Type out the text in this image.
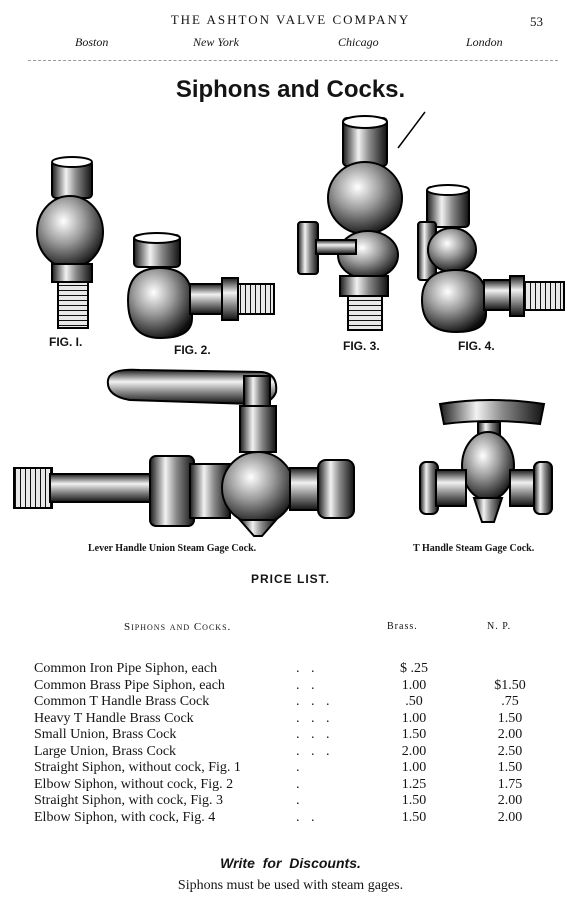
THE ASHTON VALVE COMPANY	53
Boston	New York	Chicago	London
Siphons and Cocks.
FIG. I.
FIG. 2.	FIG. 3.	FIG. 4.
Lever Handle Union Steam Gage Cock.	T Handle Steam Gage Cock.
PRICE LIST.
Siphons and Cocks.	Brass.	N. P.
Common Iron Pipe Siphon, each	. .	$ .25
Common Brass Pipe Siphon, each	. .	1.00	$1.50
Common T Handle Brass Cock	. . .	.50	.75
Heavy T Handle Brass Cock	. . .	1.00	1.50
Small Union, Brass Cock	. . .	1.50	2.00
Large Union, Brass Cock	. . .	2.00	2.50
Straight Siphon, without cock, Fig. 1	.	1.00	1.50
Elbow Siphon, without cock, Fig. 2	.	1.25	1.75
Straight Siphon, with cock, Fig. 3	.	1.50	2.00
Elbow Siphon, with cock, Fig. 4	. .	1.50	2.00
Write for Discounts.
Siphons must be used with steam gages.
